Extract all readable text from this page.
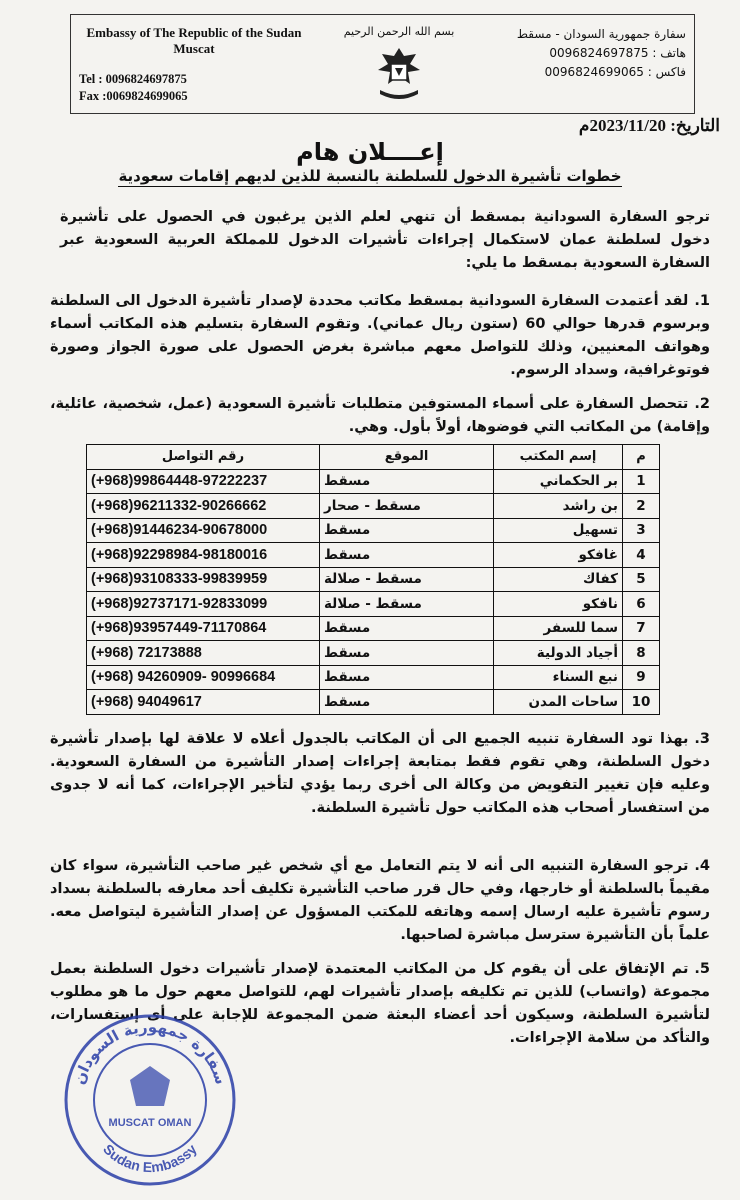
Embassy of The Republic of the Sudan
Muscat
Tel : 0096824697875
Fax :0069824699065
بسم الله الرحمن الرحيم	سفارة جمهورية السودان - مسقط
هاتف : 0096824697875
فاكس : 0096824699065
التاريخ: 2023/11/20م
إعــــلان هام
خطوات تأشيرة الدخول للسلطنة بالنسبة للذين لديهم إقامات سعودية
ترجو السفارة السودانية بمسقط أن تنهي لعلم الذين يرغبون في الحصول على تأشيرة دخول لسلطنة عمان لاستكمال إجراءات تأشيرات الدخول للمملكة العربية السعودية عبر السفارة السعودية بمسقط ما يلي:
1.لقد أعتمدت السفارة السودانية بمسقط مكاتب محددة لإصدار تأشيرة الدخول الى السلطنة وبرسوم قدرها حوالي 60 (ستون ريال عماني). وتقوم السفارة بتسليم هذه المكاتب أسماء وهواتف المعنيين، وذلك للتواصل معهم مباشرة بغرض الحصول على صورة الجواز وصورة فوتوغرافية، وسداد الرسوم.
2.تتحصل السفارة على أسماء المستوفين متطلبات تأشيرة السعودية (عمل، شخصية، عائلية، وإقامة) من المكاتب التي فوضوها، أولاً بأول. وهي.
م	إسم المكتب	الموقع	رقم التواصل
1	بر الحكماني	مسقط	(+968)99864448-97222237
2	بن راشد	مسقط - صحار	(+968)96211332-90266662
3	تسهيل	مسقط	(+968)91446234-90678000
4	غافكو	مسقط	(+968)92298984-98180016
5	كفاك	مسقط - صلالة	(+968)93108333-99839959
6	نافكو	مسقط - صلالة	(+968)92737171-92833099
7	سما للسفر	مسقط	(+968)93957449-71170864
8	أجياد الدولية	مسقط	(+968) 72173888
9	نبع السناء	مسقط	(+968) 94260909- 90996684
10	ساحات المدن	مسقط	(+968) 94049617
3.بهذا تود السفارة تنبيه الجميع الى أن المكاتب بالجدول أعلاه لا علاقة لها بإصدار تأشيرة دخول السلطنة، وهي تقوم فقط بمتابعة إجراءات إصدار التأشيرة من السفارة السعودية. وعليه فإن تغيير التفويض من وكالة الى أخرى ربما يؤدي لتأخير الإجراءات، كما أنه لا جدوى من استفسار أصحاب هذه المكاتب حول تأشيرة السلطنة.
4.ترجو السفارة التنبيه الى أنه لا يتم التعامل مع أي شخص غير صاحب التأشيرة، سواء كان مقيماً بالسلطنة أو خارجها، وفي حال قرر صاحب التأشيرة تكليف أحد معارفه بالسلطنة بسداد رسوم تأشيرة عليه ارسال إسمه وهاتفه للمكتب المسؤول عن إصدار التأشيرة ليتواصل معه. علماً بأن التأشيرة سترسل مباشرة لصاحبها.
5.تم الإتفاق على أن يقوم كل من المكاتب المعتمدة لإصدار تأشيرات دخول السلطنة بعمل مجموعة (واتساب) للذين تم تكليفه بإصدار تأشيرات لهم، للتواصل معهم حول ما هو مطلوب لتأشيرة السلطنة، وسيكون أحد أعضاء البعثة ضمن المجموعة للإجابة على أى إستفسارات، والتأكد من سلامة الإجراءات.
سفارة جمهورية السودان
Sudan Embassy
MUSCAT OMAN
